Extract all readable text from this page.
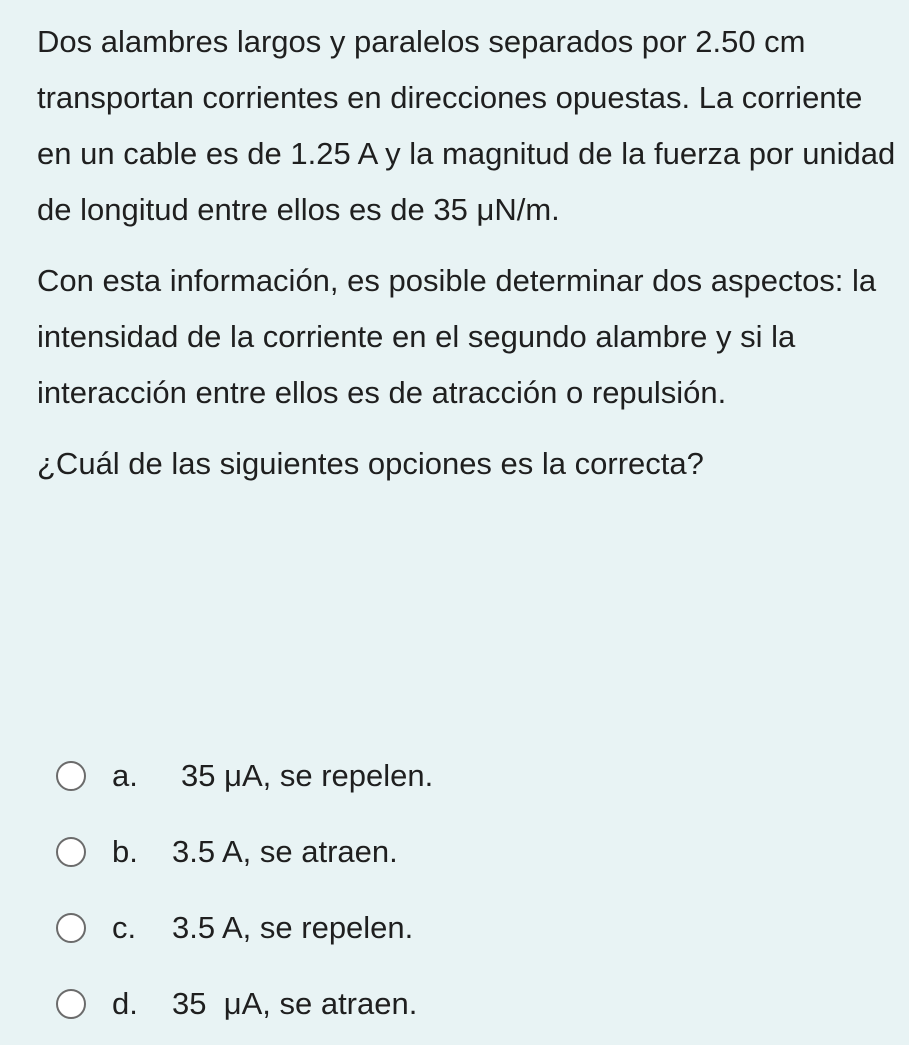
Dos alambres largos y paralelos separados por 2.50 cm transportan corrientes en direcciones opuestas. La corriente en un cable es de 1.25 A y la magnitud de la fuerza por unidad de longitud entre ellos es de 35 μN/m.

Con esta información, es posible determinar dos aspectos: la intensidad de la corriente en el segundo alambre y si la interacción entre ellos es de atracción o repulsión.

¿Cuál de las siguientes opciones es la correcta?

a.	35 μA, se repelen.
b.	3.5 A, se atraen.
c.	3.5 A, se repelen.
d.	35  μA, se atraen.
